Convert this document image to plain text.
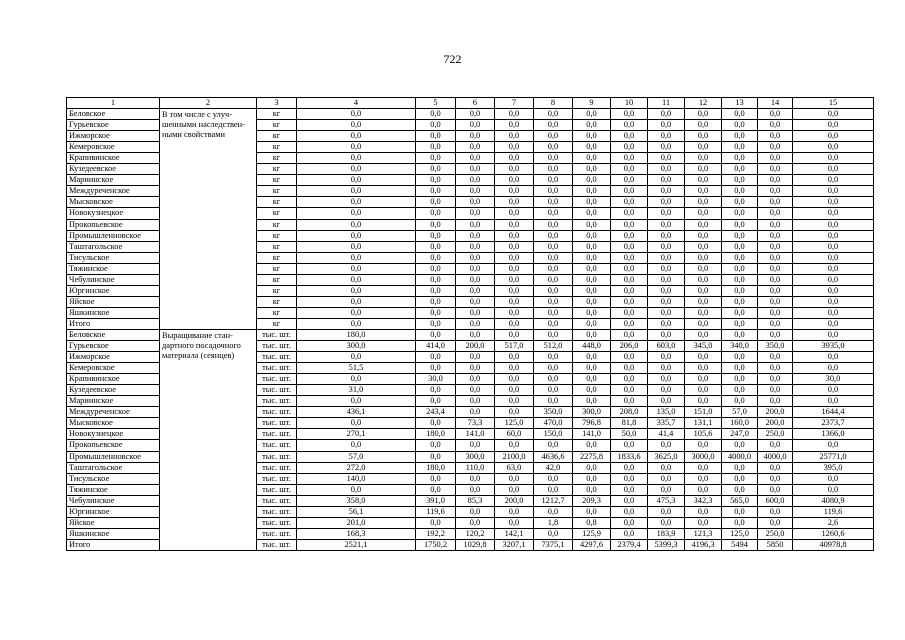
722
1	2	3	4	5	6	7	8	9	10	11	12	13	14	15
Беловское	В том числе с улуч-
шенными наследствен-
ными свойствами	кг	0,0	0,0	0,0	0,0	0,0	0,0	0,0	0,0	0,0	0,0	0,0	0,0
Гурьевское		кг	0,0	0,0	0,0	0,0	0,0	0,0	0,0	0,0	0,0	0,0	0,0	0,0
Ижморское		кг	0,0	0,0	0,0	0,0	0,0	0,0	0,0	0,0	0,0	0,0	0,0	0,0
Кемеровское		кг	0,0	0,0	0,0	0,0	0,0	0,0	0,0	0,0	0,0	0,0	0,0	0,0
Крапивинское		кг	0,0	0,0	0,0	0,0	0,0	0,0	0,0	0,0	0,0	0,0	0,0	0,0
Кузедеевское		кг	0,0	0,0	0,0	0,0	0,0	0,0	0,0	0,0	0,0	0,0	0,0	0,0
Мариинское		кг	0,0	0,0	0,0	0,0	0,0	0,0	0,0	0,0	0,0	0,0	0,0	0,0
Междуреченское		кг	0,0	0,0	0,0	0,0	0,0	0,0	0,0	0,0	0,0	0,0	0,0	0,0
Мысковское		кг	0,0	0,0	0,0	0,0	0,0	0,0	0,0	0,0	0,0	0,0	0,0	0,0
Новокузнецкое		кг	0,0	0,0	0,0	0,0	0,0	0,0	0,0	0,0	0,0	0,0	0,0	0,0
Прокопьевское		кг	0,0	0,0	0,0	0,0	0,0	0,0	0,0	0,0	0,0	0,0	0,0	0,0
Промышленновское		кг	0,0	0,0	0,0	0,0	0,0	0,0	0,0	0,0	0,0	0,0	0,0	0,0
Таштагольское		кг	0,0	0,0	0,0	0,0	0,0	0,0	0,0	0,0	0,0	0,0	0,0	0,0
Тисульское		кг	0,0	0,0	0,0	0,0	0,0	0,0	0,0	0,0	0,0	0,0	0,0	0,0
Тяжинское		кг	0,0	0,0	0,0	0,0	0,0	0,0	0,0	0,0	0,0	0,0	0,0	0,0
Чебулинское		кг	0,0	0,0	0,0	0,0	0,0	0,0	0,0	0,0	0,0	0,0	0,0	0,0
Юргинское		кг	0,0	0,0	0,0	0,0	0,0	0,0	0,0	0,0	0,0	0,0	0,0	0,0
Яйское		кг	0,0	0,0	0,0	0,0	0,0	0,0	0,0	0,0	0,0	0,0	0,0	0,0
Яшкинское		кг	0,0	0,0	0,0	0,0	0,0	0,0	0,0	0,0	0,0	0,0	0,0	0,0
Итого		кг	0,0	0,0	0,0	0,0	0,0	0,0	0,0	0,0	0,0	0,0	0,0	0,0
Беловское	Выращивание стан-
дартного посадочного
материала (сеянцев)	тыс. шт.	180,0	0,0	0,0	0,0	0,0	0,0	0,0	0,0	0,0	0,0	0,0	0,0
Гурьевское		тыс. шт.	300,0	414,0	200,0	517,0	512,0	448,0	206,0	603,0	345,0	340,0	350,0	3935,0
Ижморское		тыс. шт.	0,0	0,0	0,0	0,0	0,0	0,0	0,0	0,0	0,0	0,0	0,0	0,0
Кемеровское		тыс. шт.	51,5	0,0	0,0	0,0	0,0	0,0	0,0	0,0	0,0	0,0	0,0	0,0
Крапивинское		тыс. шт.	0,0	30,0	0,0	0,0	0,0	0,0	0,0	0,0	0,0	0,0	0,0	30,0
Кузедеевское		тыс. шт.	31,0	0,0	0,0	0,0	0,0	0,0	0,0	0,0	0,0	0,0	0,0	0,0
Мариинское		тыс. шт.	0,0	0,0	0,0	0,0	0,0	0,0	0,0	0,0	0,0	0,0	0,0	0,0
Междуреченское		тыс. шт.	436,1	243,4	0,0	0,0	350,0	300,0	208,0	135,0	151,0	57,0	200,0	1644,4
Мысковское		тыс. шт.	0,0	0,0	73,3	125,0	470,0	796,8	81,8	335,7	131,1	160,0	200,0	2373,7
Новокузнецкое		тыс. шт.	270,1	180,0	141,0	60,0	150,0	141,0	50,0	41,4	105,6	247,0	250,0	1366,0
Прокопьевское		тыс. шт.	0,0	0,0	0,0	0,0	0,0	0,0	0,0	0,0	0,0	0,0	0,0	0,0
Промышленновское		тыс. шт.	57,0	0,0	300,0	2100,0	4636,6	2275,8	1833,6	3625,0	3000,0	4000,0	4000,0	25771,0
Таштагольское		тыс. шт.	272,0	180,0	110,0	63,0	42,0	0,0	0,0	0,0	0,0	0,0	0,0	395,0
Тисульское		тыс. шт.	140,0	0,0	0,0	0,0	0,0	0,0	0,0	0,0	0,0	0,0	0,0	0,0
Тяжинское		тыс. шт.	0,0	0,0	0,0	0,0	0,0	0,0	0,0	0,0	0,0	0,0	0,0	0,0
Чебулинское		тыс. шт.	358,0	391,0	85,3	200,0	1212,7	209,3	0,0	475,3	342,3	565,0	600,0	4080,9
Юргинское		тыс. шт.	56,1	119,6	0,0	0,0	0,0	0,0	0,0	0,0	0,0	0,0	0,0	119,6
Яйское		тыс. шт.	201,0	0,0	0,0	0,0	1,8	0,8	0,0	0,0	0,0	0,0	0,0	2,6
Яшкинское		тыс. шт.	168,3	192,2	120,2	142,1	0,0	125,9	0,0	183,9	121,3	125,0	250,0	1260,6
Итого		тыс. шт.	2521,1	1750,2	1029,8	3207,1	7375,1	4297,6	2379,4	5399,3	4196,3	5494	5850	40978,8
